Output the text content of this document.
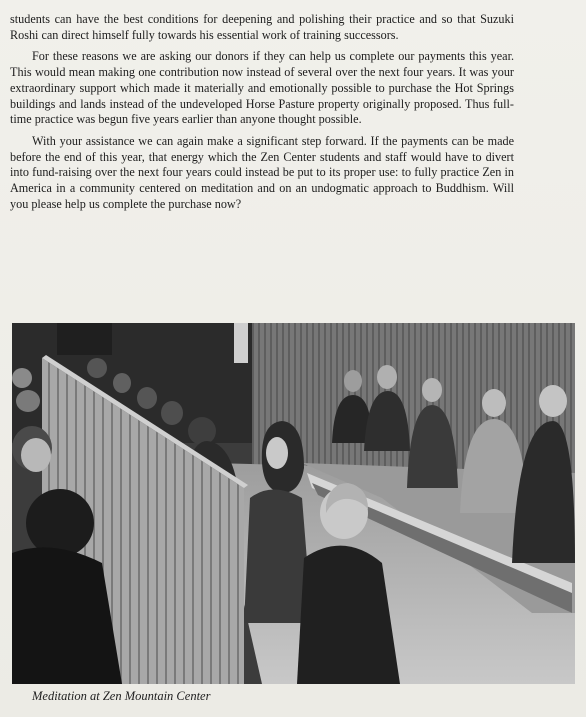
students can have the best conditions for deepening and polishing their practice and so that Suzuki Roshi can direct himself fully towards his essential work of training successors.

For these reasons we are asking our donors if they can help us complete our payments this year. This would mean making one contribution now instead of several over the next four years. It was your extraordinary support which made it materially and emotionally possible to purchase the Hot Springs buildings and lands instead of the undeveloped Horse Pasture property originally proposed. Thus full-time practice was begun five years earlier than anyone thought possible.

With your assistance we can again make a significant step forward. If the payments can be made before the end of this year, that energy which the Zen Center students and staff would have to divert into fund-raising over the next four years could instead be put to its proper use: to fully practice Zen in America in a community centered on meditation and on an undogmatic approach to Buddhism. Will you please help us complete the purchase now?

Meditation at Zen Mountain Center
